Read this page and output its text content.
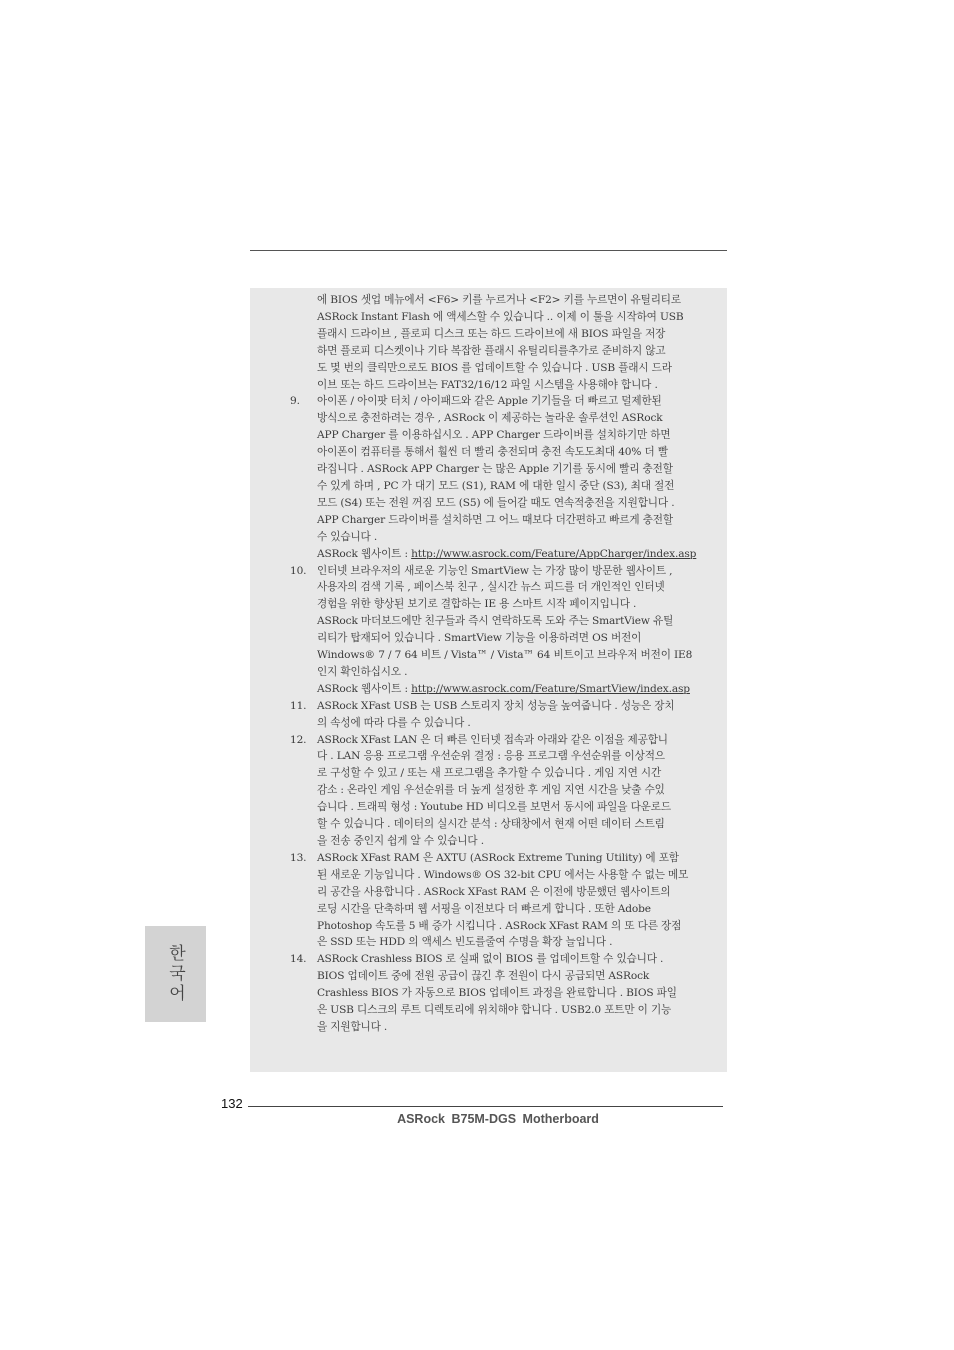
에 BIOS 셋업 메뉴에서 <F6> 키를 누르거나 <F2> 키를 누르면이 유틸리티로
ASRock Instant Flash 에 액세스할 수 있습니다 .. 이제 이 툴을 시작하여 USB
플래시 드라이브 , 플로피 디스크 또는 하드 드라이브에 새 BIOS 파일을 저장
하면 플로피 디스켓이나 기타 복잡한 플래시 유틸리티를추가로 준비하지 않고
도 몇 번의 클릭만으로도 BIOS 를 업데이트할 수 있습니다 . USB 플래시 드라
이브 또는 하드 드라이브는 FAT32/16/12 파일 시스템을 사용해야 합니다 .
9. 아이폰 / 아이팟 터치 / 아이패드와 같은 Apple 기기들을 더 빠르고 덜제한된
방식으로 충전하려는 경우 , ASRock 이 제공하는 놀라운 솔루션인 ASRock
APP Charger 를 이용하십시오 . APP Charger 드라이버를 설치하기만 하면
아이폰이 컴퓨터를 통해서 훨씬 더 빨리 충전되며 충전 속도도최대 40% 더 빨
라집니다 . ASRock APP Charger 는 많은 Apple 기기를 동시에 빨리 충전할
수 있게 하며 , PC 가 대기 모드 (S1), RAM 에 대한 일시 중단 (S3), 최대 절전
모드 (S4) 또는 전원 꺼짐 모드 (S5) 에 들어갈 때도 연속적충전을 지원합니다 .
APP Charger 드라이버를 설치하면 그 어느 때보다 더간편하고 빠르게 충전할
수 있습니다 .
ASRock 웹사이트 : http://www.asrock.com/Feature/AppCharger/index.asp
10. 인터넷 브라우저의 새로운 기능인 SmartView 는 가장 많이 방문한 웹사이트 ,
사용자의 검색 기록 , 페이스북 친구 , 실시간 뉴스 피드를 더 개인적인 인터넷
경험을 위한 향상된 보기로 결합하는 IE 용 스마트 시작 페이지입니다 .
ASRock 마더보드에만 친구들과 즉시 연락하도록 도와 주는 SmartView 유틸
리티가 탑재되어 있습니다 . SmartView 기능을 이용하려면 OS 버전이
Windows® 7 / 7 64 비트 / Vista™ / Vista™ 64 비트이고 브라우저 버전이 IE8
인지 확인하십시오 .
ASRock 웹사이트 : http://www.asrock.com/Feature/SmartView/index.asp
11. ASRock XFast USB 는 USB 스토리지 장치 성능을 높여줍니다 . 성능은 장치
의 속성에 따라 다를 수 있습니다 .
12. ASRock XFast LAN 은 더 빠른 인터넷 접속과 아래와 같은 이점을 제공합니
다 . LAN 응용 프로그램 우선순위 결정 : 응용 프로그램 우선순위를 이상적으
로 구성할 수 있고 / 또는 새 프로그램을 추가할 수 있습니다 . 게임 지연 시간
감소 : 온라인 게임 우선순위를 더 높게 설정한 후 게임 지연 시간을 낮출 수있
습니다 . 트래픽 형성 : Youtube HD 비디오를 보면서 동시에 파일을 다운로드
할 수 있습니다 . 데이터의 실시간 분석 : 상태창에서 현재 어떤 데이터 스트림
을 전송 중인지 쉽게 알 수 있습니다 .
13. ASRock XFast RAM 은 AXTU (ASRock Extreme Tuning Utility) 에 포함
된 새로운 기능입니다 . Windows® OS 32-bit CPU 에서는 사용할 수 없는 메모
리 공간을 사용합니다 . ASRock XFast RAM 은 이전에 방문했던 웹사이트의
로딩 시간을 단축하며 웹 서핑을 이전보다 더 빠르게 합니다 . 또한 Adobe
Photoshop 속도를 5 배 증가 시킵니다 . ASRock XFast RAM 의 또 다른 장점
은 SSD 또는 HDD 의 액세스 빈도를줄여 수명을 확장 늘입니다 .
14. ASRock Crashless BIOS 로 실패 없이 BIOS 를 업데이트할 수 있습니다 .
BIOS 업데이트 중에 전원 공급이 끊긴 후 전원이 다시 공급되면 ASRock
Crashless BIOS 가 자동으로 BIOS 업데이트 과정을 완료합니다 . BIOS 파일
은 USB 디스크의 루트 디렉토리에 위치해야 합니다 . USB2.0 포트만 이 기능
을 지원합니다 .
한국어
132
ASRock B75M-DGS Motherboard
